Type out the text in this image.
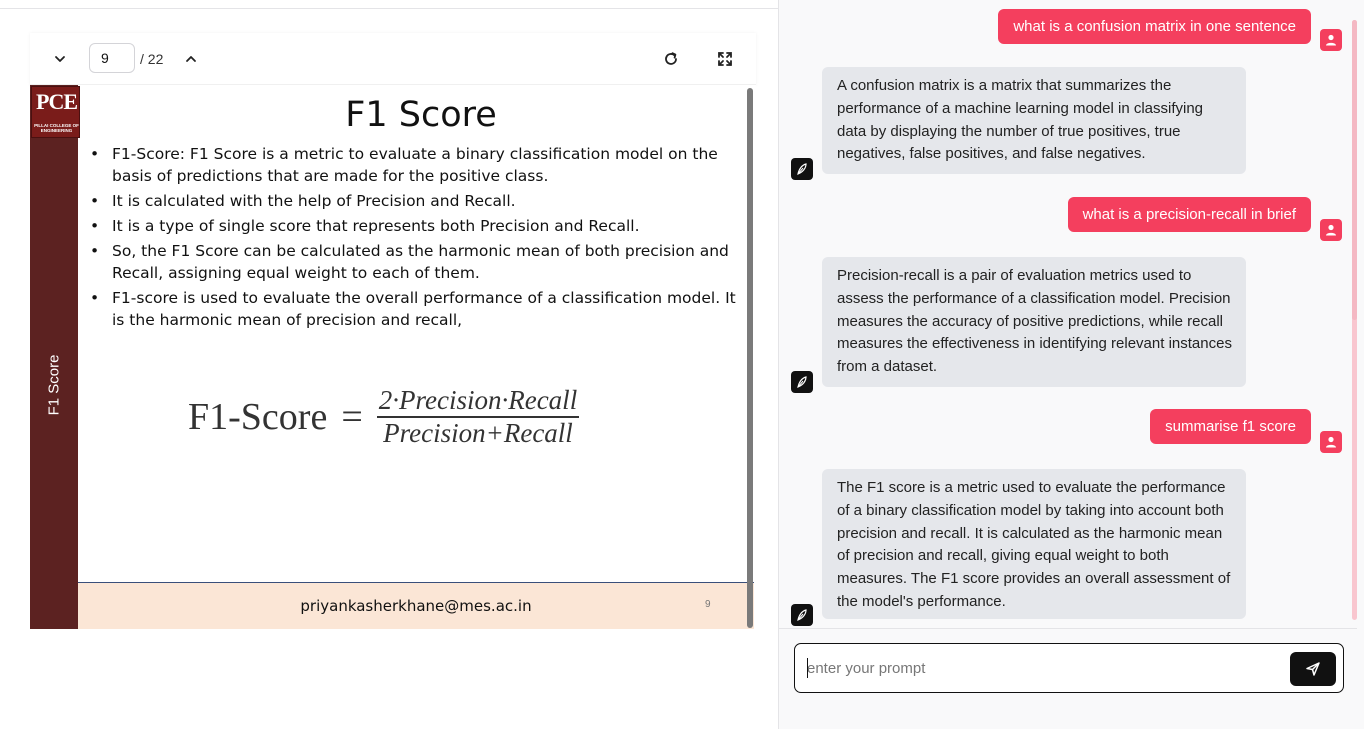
9
/ 22
PCE
PILLAI COLLEGE OF ENGINEERING
F1 Score
F1 Score
• F1-Score: F1 Score is a metric to evaluate a binary classification model on the basis of predictions that are made for the positive class.
• It is calculated with the help of Precision and Recall.
• It is a type of single score that represents both Precision and Recall.
• So, the F1 Score can be calculated as the harmonic mean of both precision and Recall, assigning equal weight to each of them.
• F1-score is used to evaluate the overall performance of a classification model. It is the harmonic mean of precision and recall,
F1-Score = $\frac{\text{2·Precision·Recall}}{\text{Precision+Recall}}$
priyankasherkhane@mes.ac.in	9
what is a confusion matrix in one sentence
A confusion matrix is a matrix that summarizes the performance of a machine learning model in classifying data by displaying the number of true positives, true negatives, false positives, and false negatives.
what is a precision-recall in brief
Precision-recall is a pair of evaluation metrics used to assess the performance of a classification model. Precision measures the accuracy of positive predictions, while recall measures the effectiveness in identifying relevant instances from a dataset.
summarise f1 score
The F1 score is a metric used to evaluate the performance of a binary classification model by taking into account both precision and recall. It is calculated as the harmonic mean of precision and recall, giving equal weight to both measures. The F1 score provides an overall assessment of the model's performance.
enter your prompt
